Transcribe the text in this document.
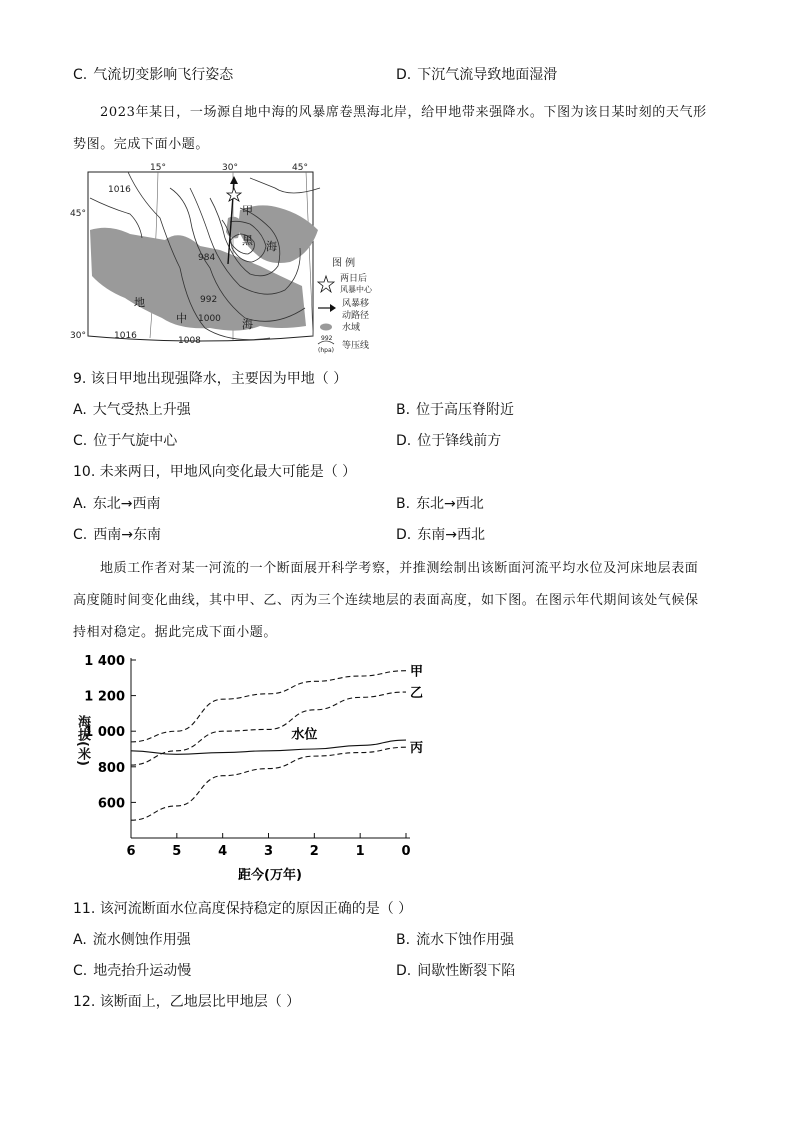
C. 气流切变影响飞行姿态	D. 下沉气流导致地面湿滑
2023年某日，一场源自地中海的风暴席卷黑海北岸，给甲地带来强降水。下图为该日某时刻的天气形
势图。完成下面小题。
15°	30°	45°
45°
30°
1016
984
992
1000
1008
1016
甲
黑 海
地
中	海
图 例
两日后
风暴中心
风暴移
动路径
水域
992
(hpa) 等压线
9. 该日甲地出现强降水，主要因为甲地（ ）
A. 大气受热上升强	B. 位于高压脊附近
C. 位于气旋中心	D. 位于锋线前方
10. 未来两日，甲地风向变化最大可能是（ ）
A. 东北→西南	B. 东北→西北
C. 西南→东南	D. 东南→西北
地质工作者对某一河流的一个断面展开科学考察，并推测绘制出该断面河流平均水位及河床地层表面
高度随时间变化曲线，其中甲、乙、丙为三个连续地层的表面高度，如下图。在图示年代期间该处气候保
持相对稳定。据此完成下面小题。
1 400
1 200
1 000
800
600
6	5	4	3	2	1	0
甲
乙
丙
水位
距今(万年)
海拔(米)
11. 该河流断面水位高度保持稳定的原因正确的是（ ）
A. 流水侧蚀作用强	B. 流水下蚀作用强
C. 地壳抬升运动慢	D. 间歇性断裂下陷
12. 该断面上，乙地层比甲地层（ ）
